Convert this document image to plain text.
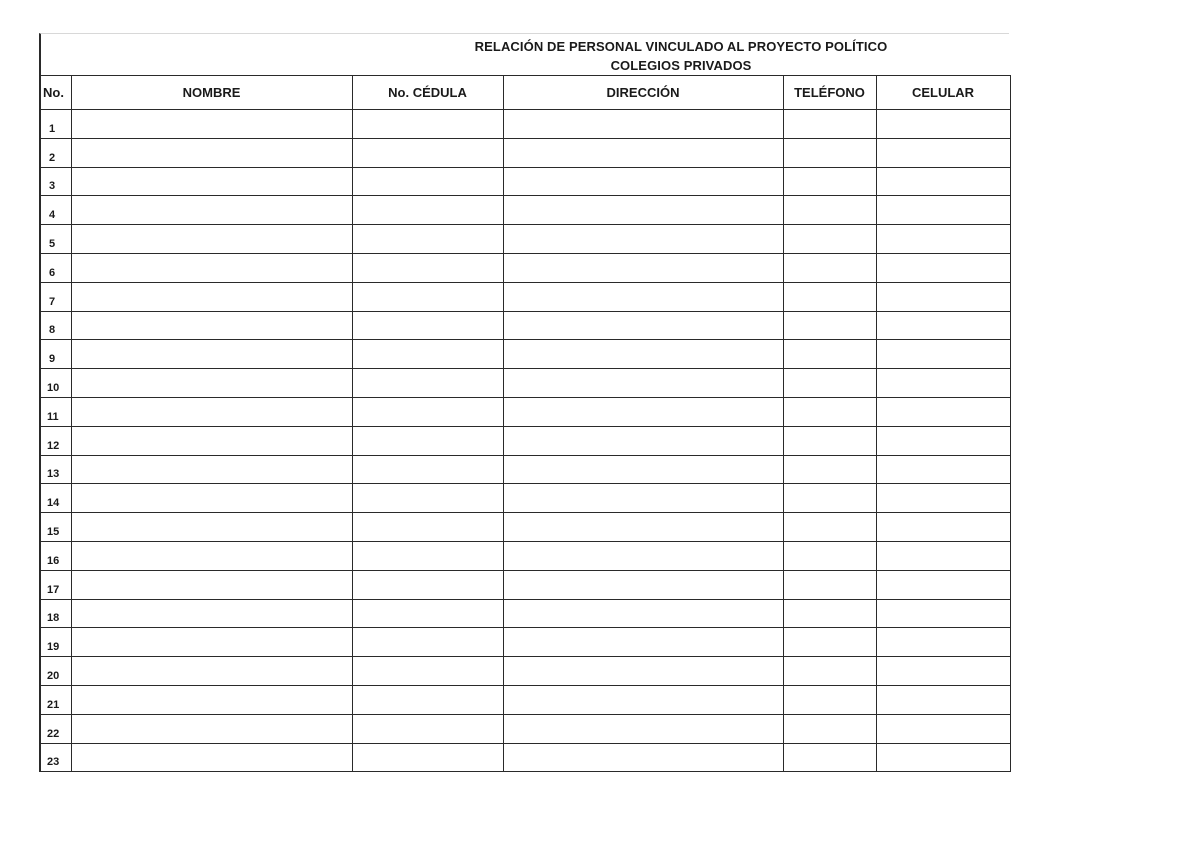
RELACIÓN DE PERSONAL VINCULADO AL PROYECTO POLÍTICO
COLEGIOS PRIVADOS
No.	NOMBRE	No. CÉDULA	DIRECCIÓN	TELÉFONO	CELULAR
1					
2					
3					
4					
5					
6					
7					
8					
9					
10					
11					
12					
13					
14					
15					
16					
17					
18					
19					
20					
21					
22					
23					
